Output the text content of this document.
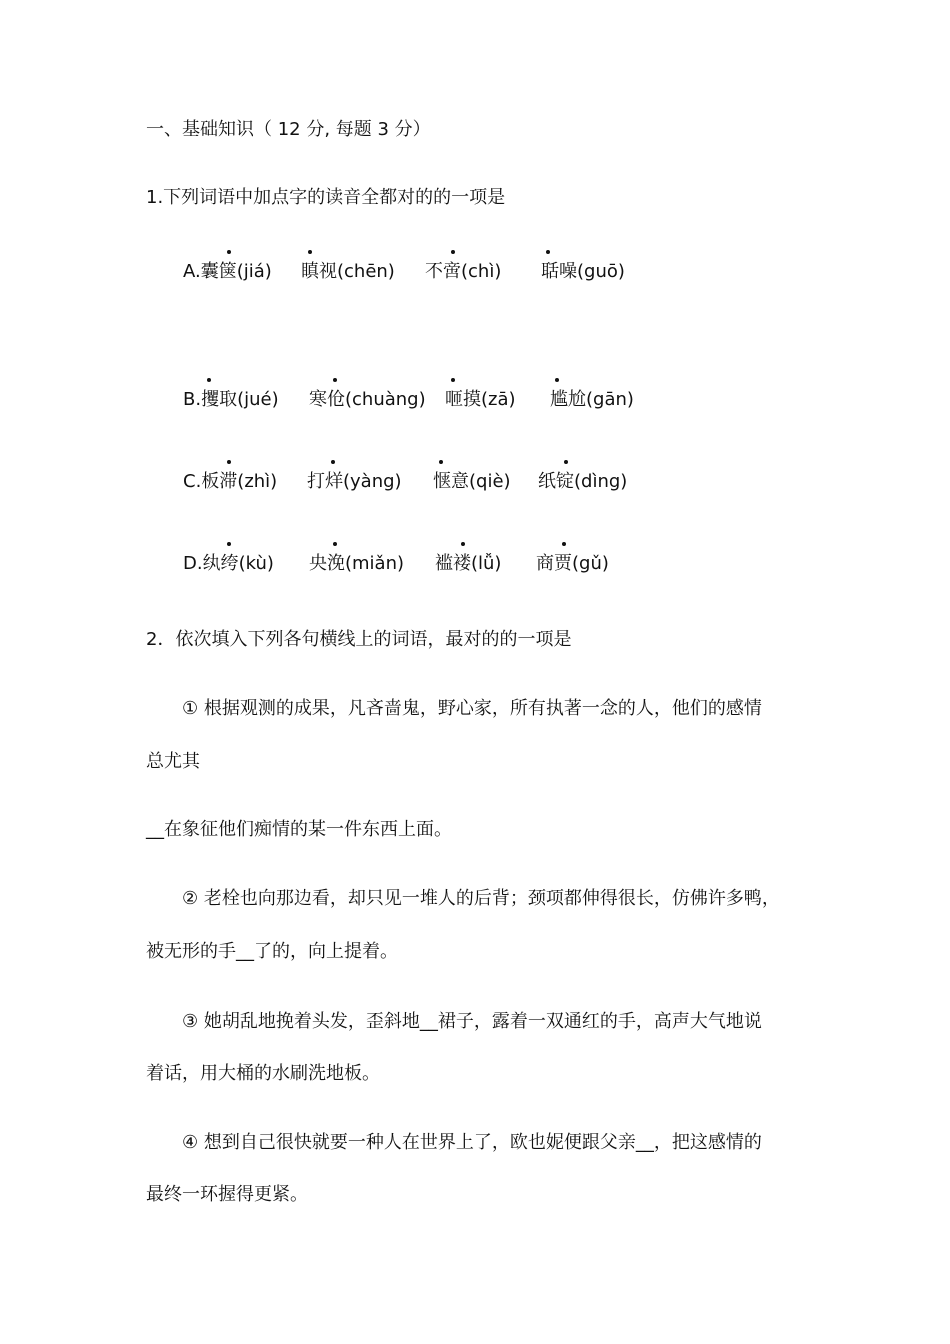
一、基础知识（ 12 分, 每题 3 分）
1.下列词语中加点字的读音全都对的的一项是
A.囊箧(jiá) 瞋视(chēn) 不啻(chì) 聒噪(guō)
B.攫取(jué) 寒伧(chuàng) 咂摸(zā) 尴尬(gān)
C.板滞(zhì) 打烊(yàng) 惬意(qiè) 纸锭(dìng)
D.纨绔(kù) 央浼(miǎn) 褴褛(lǚ) 商贾(gǔ)
2．依次填入下列各句横线上的词语，最对的的一项是
① 根据观测的成果，凡吝啬鬼，野心家，所有执著一念的人，他们的感情
总尤其
__在象征他们痴情的某一件东西上面。
② 老栓也向那边看，却只见一堆人的后背；颈项都伸得很长，仿佛许多鸭，
被无形的手__了的，向上提着。
③ 她胡乱地挽着头发，歪斜地__裙子，露着一双通红的手，高声大气地说
着话，用大桶的水刷洗地板。
④ 想到自己很快就要一种人在世界上了，欧也妮便跟父亲__，把这感情的
最终一环握得更紧。
